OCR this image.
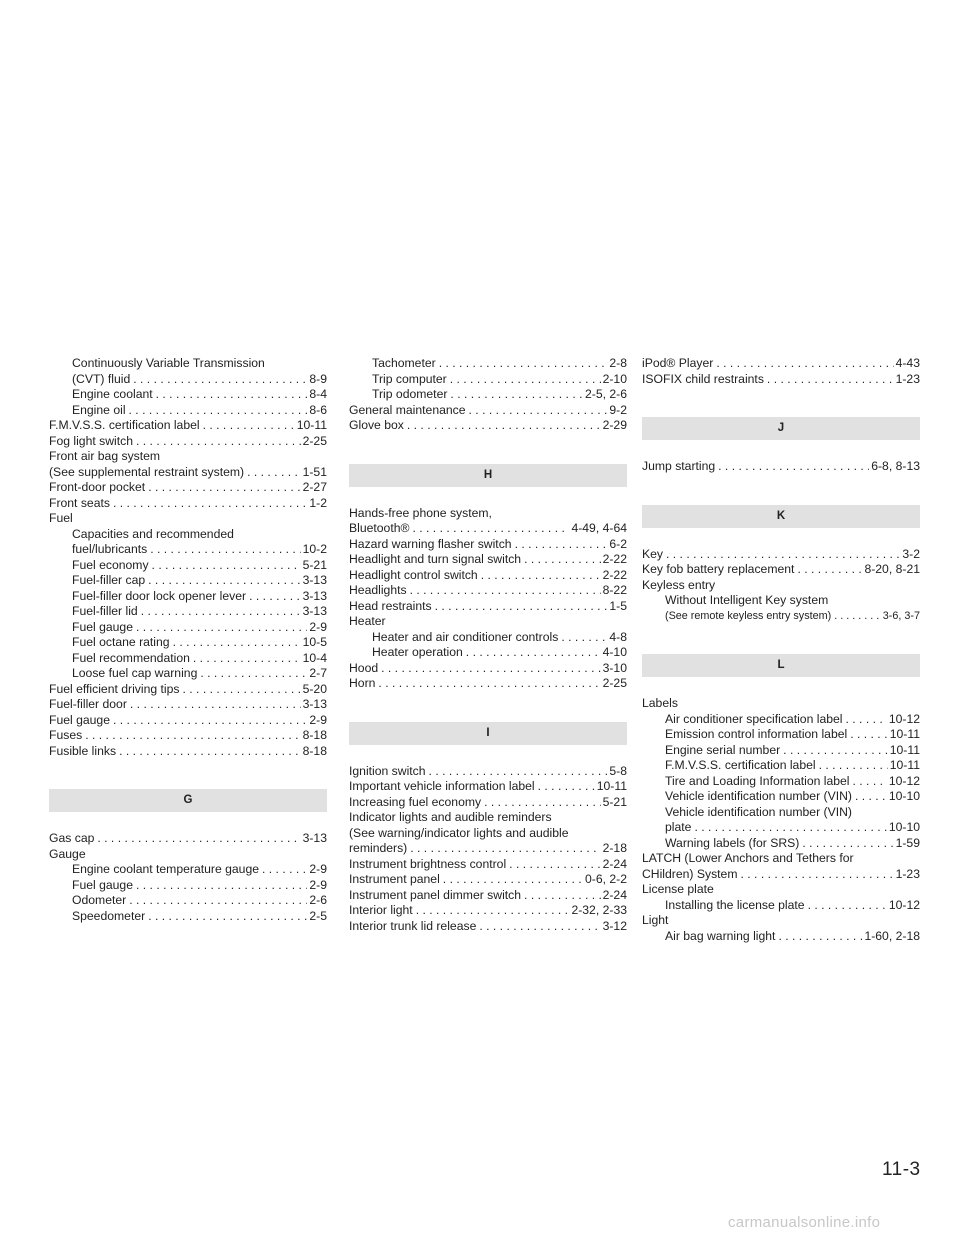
Continuously Variable Transmission
(CVT) fluid . . .	8-9
Engine coolant . . .	8-4
Engine oil . . .	8-6
F.M.V.S.S. certification label . . .	10-11
Fog light switch . . .	2-25
Front air bag system
(See supplemental restraint system) . . .	1-51
Front-door pocket . . .	2-27
Front seats . . .	1-2
Fuel
Capacities and recommended
fuel/lubricants . . .	10-2
Fuel economy . . .	5-21
Fuel-filler cap . . .	3-13
Fuel-filler door lock opener lever . . .	3-13
Fuel-filler lid . . .	3-13
Fuel gauge . . .	2-9
Fuel octane rating . . .	10-5
Fuel recommendation . . .	10-4
Loose fuel cap warning . . .	2-7
Fuel efficient driving tips . . .	5-20
Fuel-filler door . . .	3-13
Fuel gauge . . .	2-9
Fuses . . .	8-18
Fusible links . . .	8-18
G
Gas cap . . .	3-13
Gauge
Engine coolant temperature gauge . . .	2-9
Fuel gauge . . .	2-9
Odometer . . .	2-6
Speedometer . . .	2-5
Tachometer . . .	2-8
Trip computer . . .	2-10
Trip odometer . . .	2-5, 2-6
General maintenance . . .	9-2
Glove box . . .	2-29
H
Hands-free phone system,
Bluetooth® . . .	4-49, 4-64
Hazard warning flasher switch . . .	6-2
Headlight and turn signal switch . . .	2-22
Headlight control switch . . .	2-22
Headlights . . .	8-22
Head restraints . . .	1-5
Heater
Heater and air conditioner controls . . .	4-8
Heater operation . . .	4-10
Hood . . .	3-10
Horn . . .	2-25
I
Ignition switch . . .	5-8
Important vehicle information label . . .	10-11
Increasing fuel economy . . .	5-21
Indicator lights and audible reminders
(See warning/indicator lights and audible
reminders) . . .	2-18
Instrument brightness control . . .	2-24
Instrument panel . . .	0-6, 2-2
Instrument panel dimmer switch . . .	2-24
Interior light . . .	2-32, 2-33
Interior trunk lid release . . .	3-12
iPod® Player . . .	4-43
ISOFIX child restraints . . .	1-23
J
Jump starting . . .	6-8, 8-13
K
Key . . .	3-2
Key fob battery replacement . . .	8-20, 8-21
Keyless entry
Without Intelligent Key system
(See remote keyless entry system) . . .	3-6, 3-7
L
Labels
Air conditioner specification label . . .	10-12
Emission control information label . . .	10-11
Engine serial number . . .	10-11
F.M.V.S.S. certification label . . .	10-11
Tire and Loading Information label . . .	10-12
Vehicle identification number (VIN) . . .	10-10
Vehicle identification number (VIN)
plate . . .	10-10
Warning labels (for SRS) . . .	1-59
LATCH (Lower Anchors and Tethers for
CHildren) System . . .	1-23
License plate
Installing the license plate . . .	10-12
Light
Air bag warning light . . .	1-60, 2-18
11-3
carmanualsonline.info
